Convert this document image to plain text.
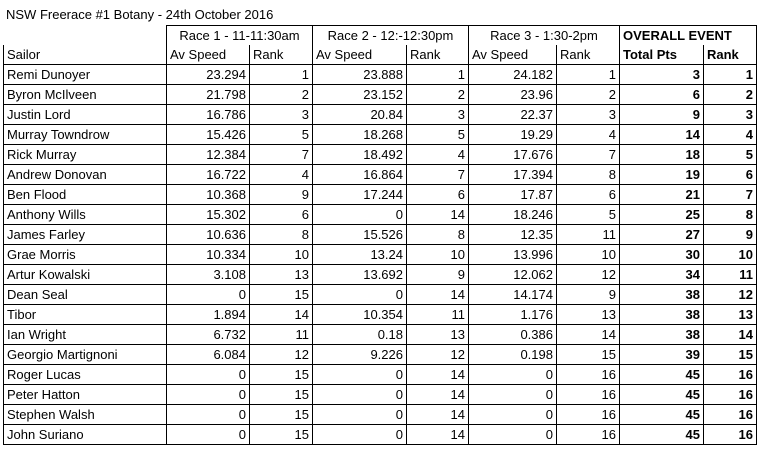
NSW Freerace #1 Botany - 24th October 2016
	Race 1 - 11-11:30am		Race 2 - 12:-12:30pm		Race 3 - 1:30-2pm		OVERALL EVENT	
Sailor	Av Speed	Rank	Av Speed	Rank	Av Speed	Rank	Total Pts	Rank
Remi Dunoyer	23.294	1	23.888	1	24.182	1	3	1
Byron McIlveen	21.798	2	23.152	2	23.96	2	6	2
Justin Lord	16.786	3	20.84	3	22.37	3	9	3
Murray Towndrow	15.426	5	18.268	5	19.29	4	14	4
Rick Murray	12.384	7	18.492	4	17.676	7	18	5
Andrew Donovan	16.722	4	16.864	7	17.394	8	19	6
Ben Flood	10.368	9	17.244	6	17.87	6	21	7
Anthony Wills	15.302	6	0	14	18.246	5	25	8
James Farley	10.636	8	15.526	8	12.35	11	27	9
Grae Morris	10.334	10	13.24	10	13.996	10	30	10
Artur Kowalski	3.108	13	13.692	9	12.062	12	34	11
Dean Seal	0	15	0	14	14.174	9	38	12
Tibor	1.894	14	10.354	11	1.176	13	38	13
Ian Wright	6.732	11	0.18	13	0.386	14	38	14
Georgio Martignoni	6.084	12	9.226	12	0.198	15	39	15
Roger Lucas	0	15	0	14	0	16	45	16
Peter Hatton	0	15	0	14	0	16	45	16
Stephen Walsh	0	15	0	14	0	16	45	16
John Suriano	0	15	0	14	0	16	45	16
